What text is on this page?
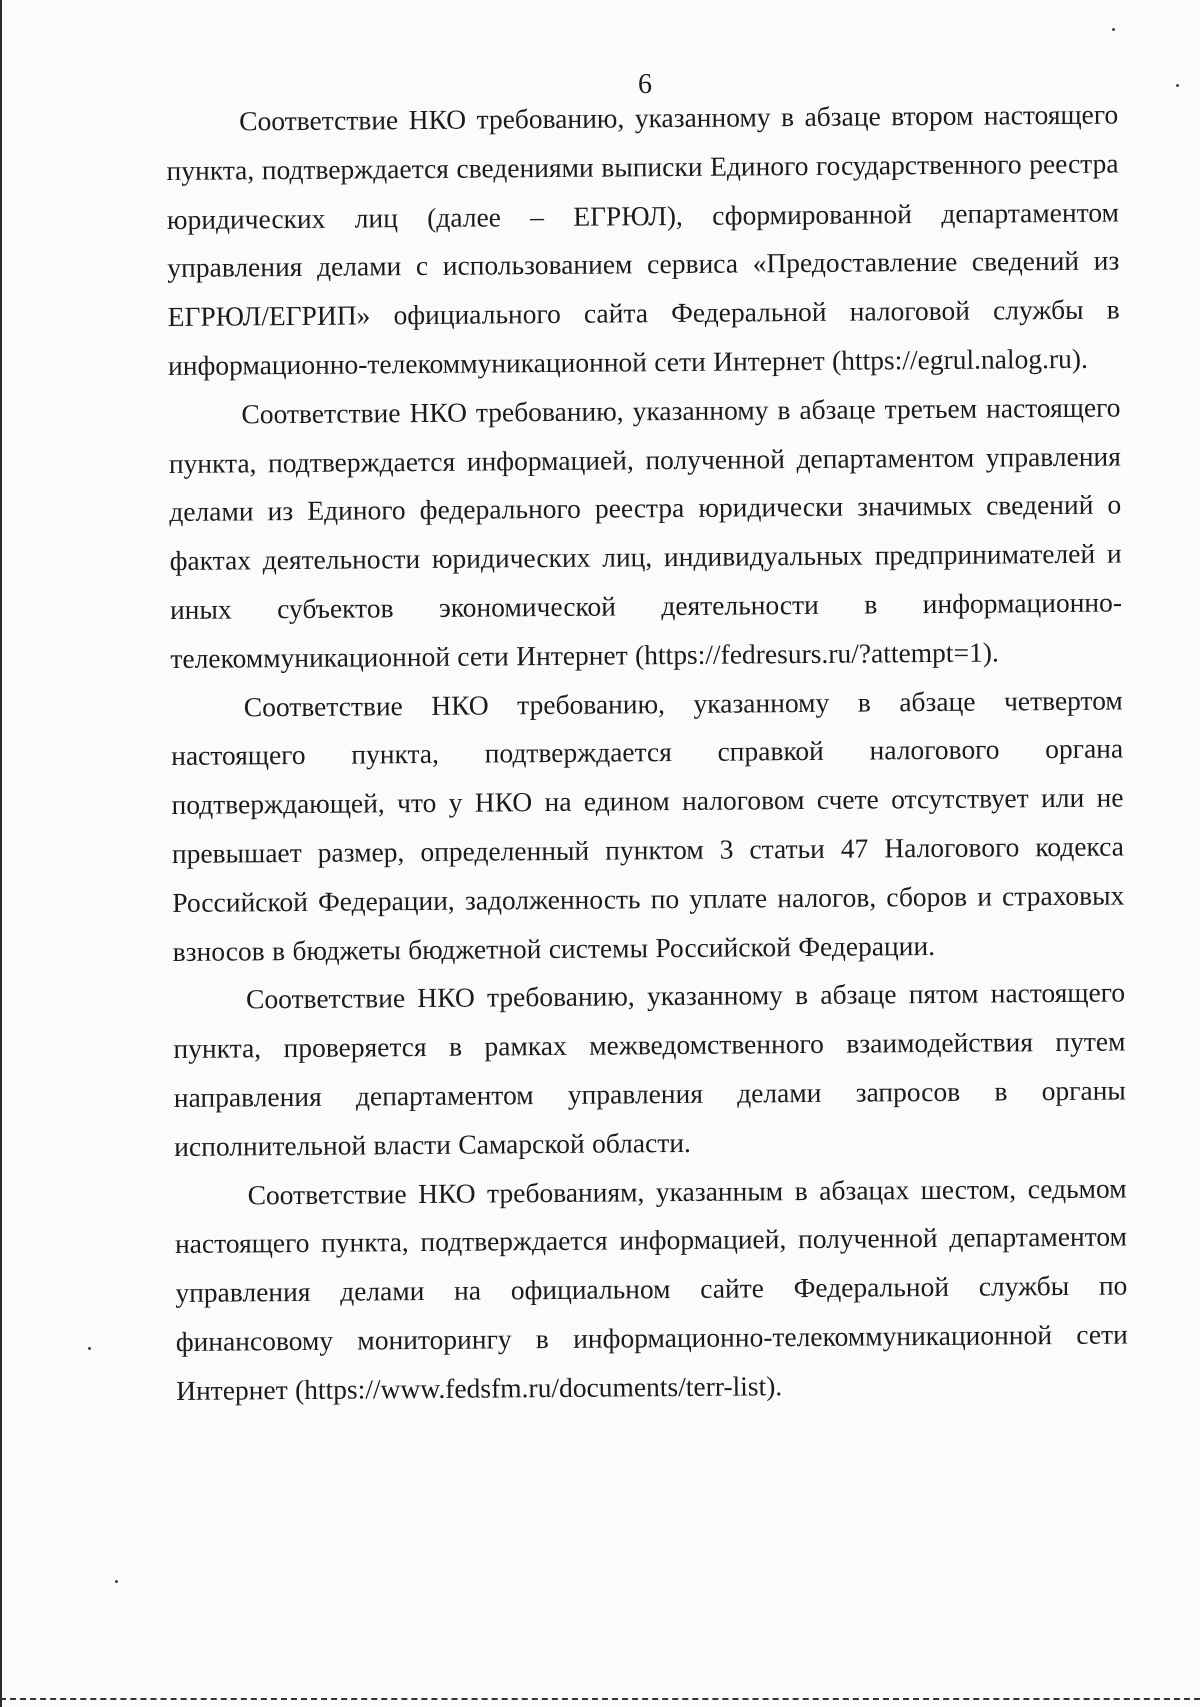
6

Соответствие НКО требованию, указанному в абзаце втором настоящего пункта, подтверждается сведениями выписки Единого государственного реестра юридических лиц (далее – ЕГРЮЛ), сформированной департаментом управления делами с использованием сервиса «Предоставление сведений из ЕГРЮЛ/ЕГРИП» официального сайта Федеральной налоговой службы в информационно-телекоммуникационной сети Интернет (https://egrul.nalog.ru).

Соответствие НКО требованию, указанному в абзаце третьем настоящего пункта, подтверждается информацией, полученной департаментом управления делами из Единого федерального реестра юридически значимых сведений о фактах деятельности юридических лиц, индивидуальных предпринимателей и иных субъектов экономической деятельности в информационно-телекоммуникационной сети Интернет (https://fedresurs.ru/?attempt=1).

Соответствие НКО требованию, указанному в абзаце четвертом настоящего пункта, подтверждается справкой налогового органа подтверждающей, что у НКО на едином налоговом счете отсутствует или не превышает размер, определенный пунктом 3 статьи 47 Налогового кодекса Российской Федерации, задолженность по уплате налогов, сборов и страховых взносов в бюджеты бюджетной системы Российской Федерации.

Соответствие НКО требованию, указанному в абзаце пятом настоящего пункта, проверяется в рамках межведомственного взаимодействия путем направления департаментом управления делами запросов в органы исполнительной власти Самарской области.

Соответствие НКО требованиям, указанным в абзацах шестом, седьмом настоящего пункта, подтверждается информацией, полученной департаментом управления делами на официальном сайте Федеральной службы по финансовому мониторингу в информационно-телекоммуникационной сети Интернет (https://www.fedsfm.ru/documents/terr-list).
